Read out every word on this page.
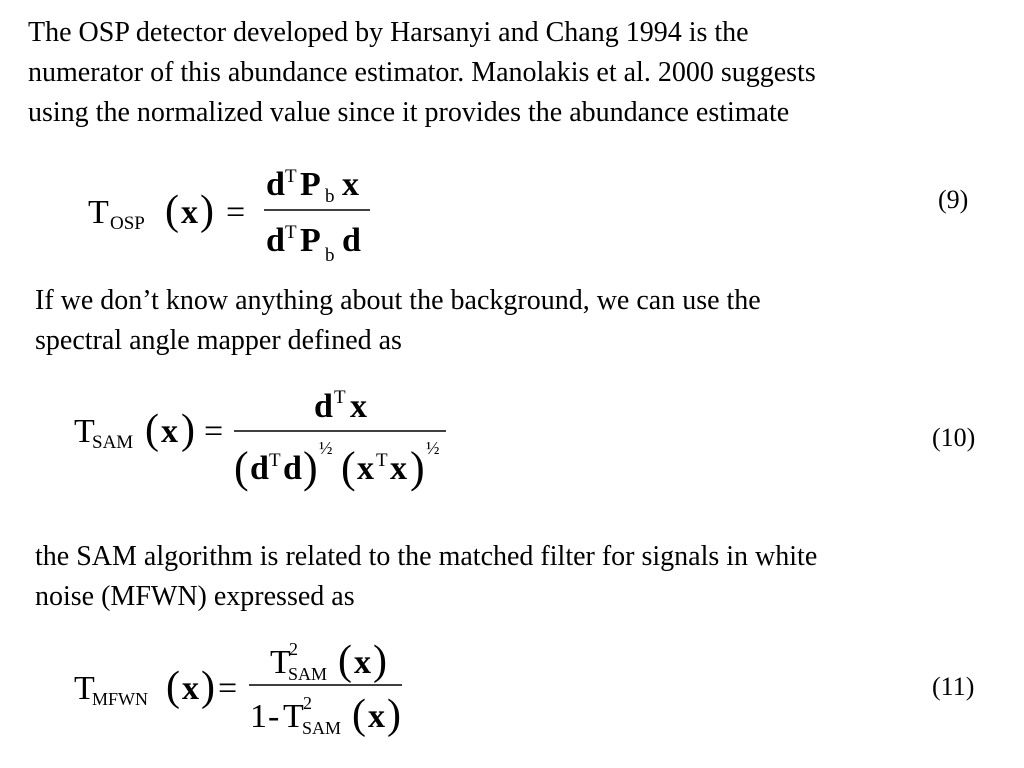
The OSP detector developed by Harsanyi and Chang 1994 is the
numerator of this abundance estimator. Manolakis et al. 2000 suggests
using the normalized value since it provides the abundance estimate

T OSP ( x ) =
d T P b x
d T P b d
(9)

If we don’t know anything about the background, we can use the
spectral angle mapper defined as

T
SAM ( x ) =
d T x
( d T d ) ½ ( x T x ) ½	(10)

the SAM algorithm is related to the matched filter for signals in white
noise (MFWN) expressed as

T
MFWN ( x ) =
T
2
SAM ( x )
1 - T 2
SAM ( x )
(11)
